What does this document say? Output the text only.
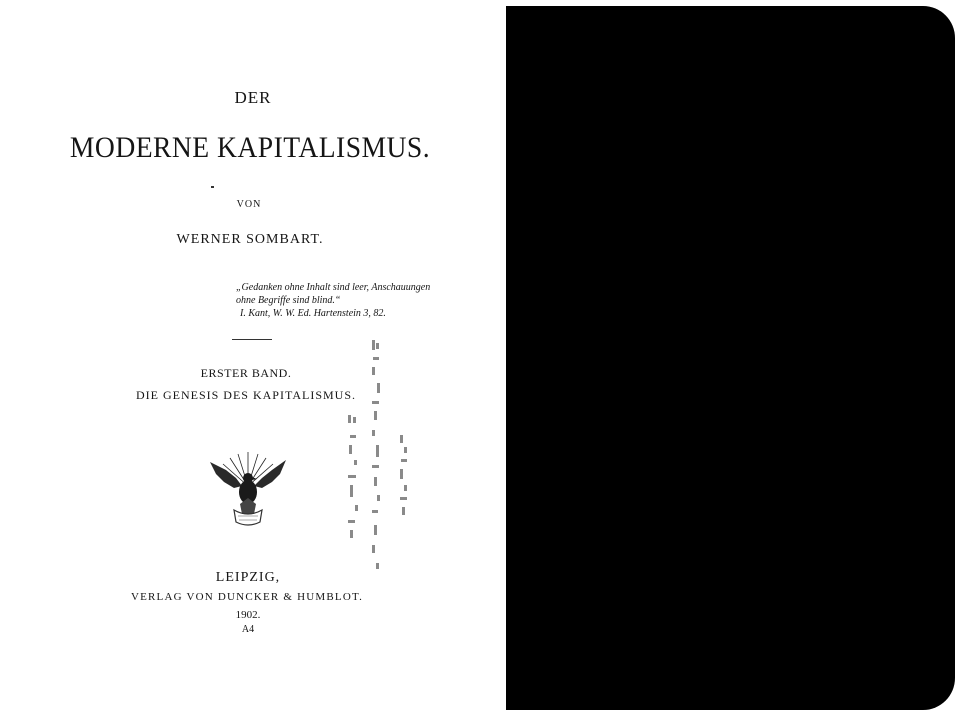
DER
MODERNE KAPITALISMUS.
VON
WERNER SOMBART.
„Gedanken ohne Inhalt sind leer, Anschauungen
ohne Begriffe sind blind.“
I. Kant, W. W. Ed. Hartenstein 3, 82.
ERSTER BAND.
DIE GENESIS DES KAPITALISMUS.
LEIPZIG,
VERLAG VON DUNCKER & HUMBLOT.
1902.
A4
